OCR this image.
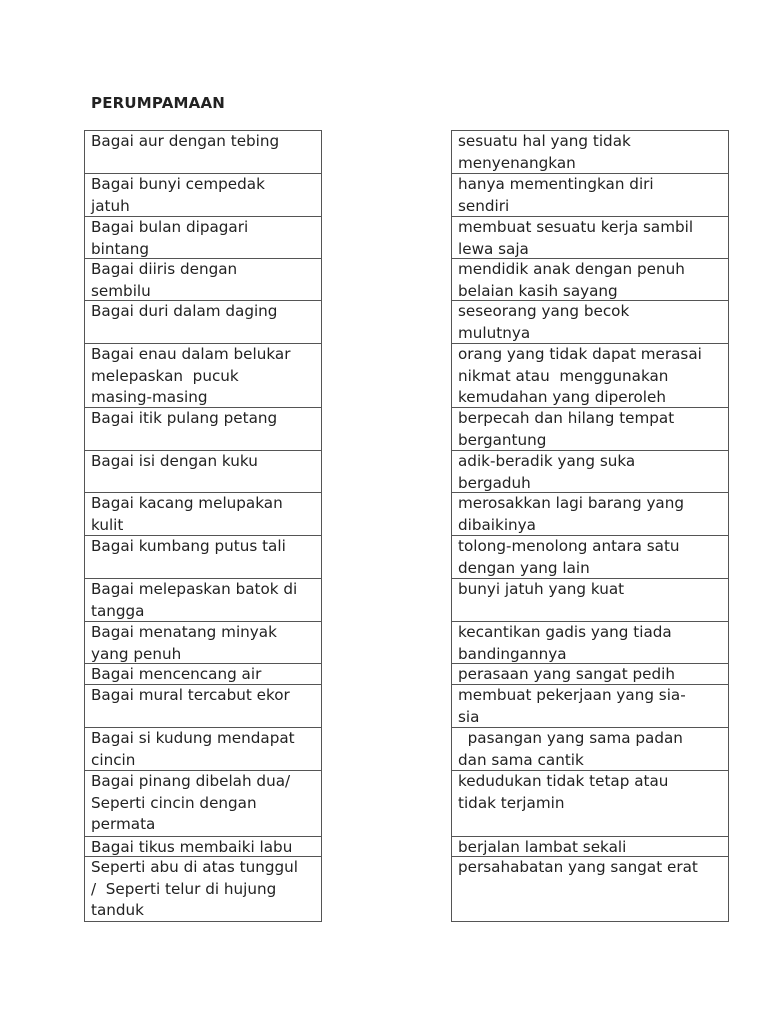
PERUMPAMAAN
Bagai aur dengan tebing
Bagai bunyi cempedak
jatuh
Bagai bulan dipagari
bintang
Bagai diiris dengan
sembilu
Bagai duri dalam daging
Bagai enau dalam belukar
melepaskan  pucuk
masing-masing
Bagai itik pulang petang
Bagai isi dengan kuku
Bagai kacang melupakan
kulit
Bagai kumbang putus tali
Bagai melepaskan batok di
tangga
Bagai menatang minyak
yang penuh
Bagai mencencang air
Bagai mural tercabut ekor
Bagai si kudung mendapat
cincin
Bagai pinang dibelah dua/
Seperti cincin dengan
permata
Bagai tikus membaiki labu
Seperti abu di atas tunggul
/  Seperti telur di hujung
tanduk
sesuatu hal yang tidak
menyenangkan
hanya mementingkan diri
sendiri
membuat sesuatu kerja sambil
lewa saja
mendidik anak dengan penuh
belaian kasih sayang
seseorang yang becok
mulutnya
orang yang tidak dapat merasai
nikmat atau  menggunakan
kemudahan yang diperoleh
berpecah dan hilang tempat
bergantung
adik-beradik yang suka
bergaduh
merosakkan lagi barang yang
dibaikinya
tolong-menolong antara satu
dengan yang lain
bunyi jatuh yang kuat
kecantikan gadis yang tiada
bandingannya
perasaan yang sangat pedih
membuat pekerjaan yang sia-
sia
pasangan yang sama padan
dan sama cantik
kedudukan tidak tetap atau
tidak terjamin
berjalan lambat sekali
persahabatan yang sangat erat
